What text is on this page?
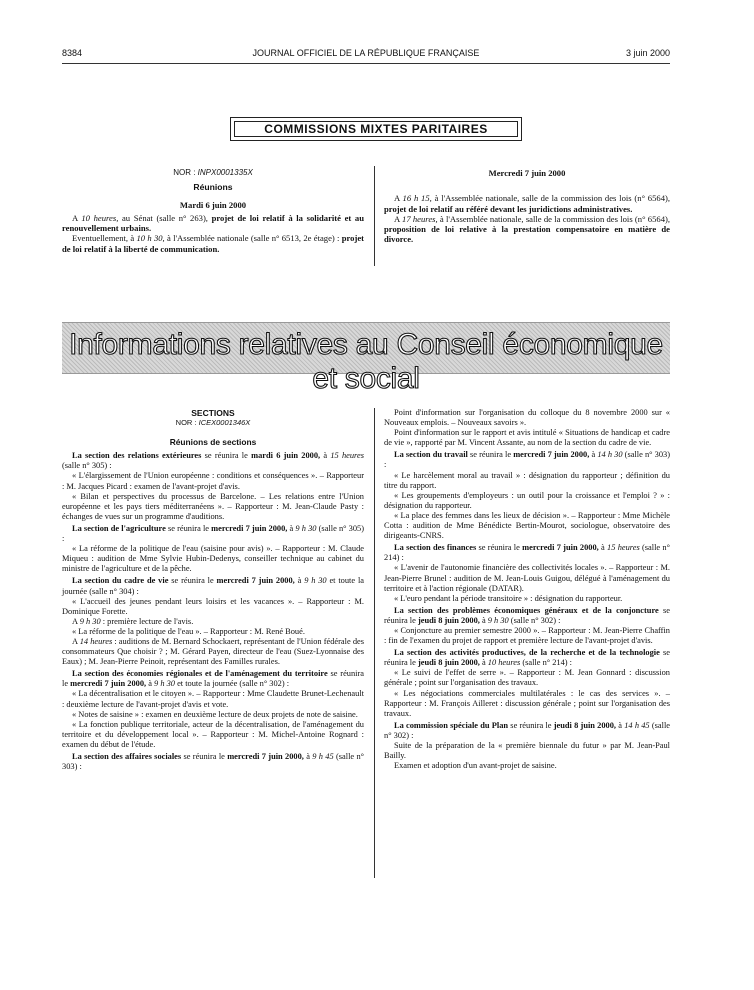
8384	JOURNAL OFFICIEL DE LA RÉPUBLIQUE FRANÇAISE	3 juin 2000
COMMISSIONS MIXTES PARITAIRES

NOR : INPX0001335X

Réunions

Mardi 6 juin 2000

A 10 heures, au Sénat (salle n° 263), projet de loi relatif à la solidarité et au renouvellement urbains.

Eventuellement, à 10 h 30, à l'Assemblée nationale (salle n° 6513, 2e étage) : projet de loi relatif à la liberté de communication.

Mercredi 7 juin 2000

A 16 h 15, à l'Assemblée nationale, salle de la commission des lois (n° 6564), projet de loi relatif au référé devant les juridictions administratives.

A 17 heures, à l'Assemblée nationale, salle de la commission des lois (n° 6564), proposition de loi relative à la prestation compensatoire en matière de divorce.

Informations relatives au Conseil économique et social

SECTIONS

NOR : ICEX0001346X

Réunions de sections

La section des relations extérieures se réunira le mardi 6 juin 2000, à 15 heures (salle n° 305) :

« L'élargissement de l'Union européenne : conditions et conséquences ». – Rapporteur : M. Jacques Picard : examen de l'avant-projet d'avis.

« Bilan et perspectives du processus de Barcelone. – Les relations entre l'Union européenne et les pays tiers méditerranéens ». – Rapporteur : M. Jean-Claude Pasty : échanges de vues sur un programme d'auditions.

La section de l'agriculture se réunira le mercredi 7 juin 2000, à 9 h 30 (salle n° 305) :

« La réforme de la politique de l'eau (saisine pour avis) ». – Rapporteur : M. Claude Miqueu : audition de Mme Sylvie Hubin-Dedenys, conseiller technique au cabinet du ministre de l'agriculture et de la pêche.

La section du cadre de vie se réunira le mercredi 7 juin 2000, à 9 h 30 et toute la journée (salle n° 304) :

« L'accueil des jeunes pendant leurs loisirs et les vacances ». – Rapporteur : M. Dominique Forette.

A 9 h 30 : première lecture de l'avis.

« La réforme de la politique de l'eau ». – Rapporteur : M. René Boué.

A 14 heures : auditions de M. Bernard Schockaert, représentant de l'Union fédérale des consommateurs Que choisir ? ; M. Gérard Payen, directeur de l'eau (Suez-Lyonnaise des Eaux) ; M. Jean-Pierre Peinoit, représentant des Familles rurales.

La section des économies régionales et de l'aménagement du territoire se réunira le mercredi 7 juin 2000, à 9 h 30 et toute la journée (salle n° 302) :

« La décentralisation et le citoyen ». – Rapporteur : Mme Claudette Brunet-Lechenault : deuxième lecture de l'avant-projet d'avis et vote.

« Notes de saisine » : examen en deuxième lecture de deux projets de note de saisine.

« La fonction publique territoriale, acteur de la décentralisation, de l'aménagement du territoire et du développement local ». – Rapporteur : M. Michel-Antoine Rognard : examen du début de l'étude.

La section des affaires sociales se réunira le mercredi 7 juin 2000, à 9 h 45 (salle n° 303) :

Point d'information sur l'organisation du colloque du 8 novembre 2000 sur « Nouveaux emplois. – Nouveaux savoirs ».

Point d'information sur le rapport et avis intitulé « Situations de handicap et cadre de vie », rapporté par M. Vincent Assante, au nom de la section du cadre de vie.

La section du travail se réunira le mercredi 7 juin 2000, à 14 h 30 (salle n° 303) :

« Le harcèlement moral au travail » : désignation du rapporteur ; définition du titre du rapport.

« Les groupements d'employeurs : un outil pour la croissance et l'emploi ? » : désignation du rapporteur.

« La place des femmes dans les lieux de décision ». – Rapporteur : Mme Michèle Cotta : audition de Mme Bénédicte Bertin-Mourot, sociologue, observatoire des dirigeants-CNRS.

La section des finances se réunira le mercredi 7 juin 2000, à 15 heures (salle n° 214) :

« L'avenir de l'autonomie financière des collectivités locales ». – Rapporteur : M. Jean-Pierre Brunel : audition de M. Jean-Louis Guigou, délégué à l'aménagement du territoire et à l'action régionale (DATAR).

« L'euro pendant la période transitoire » : désignation du rapporteur.

La section des problèmes économiques généraux et de la conjoncture se réunira le jeudi 8 juin 2000, à 9 h 30 (salle n° 302) :

« Conjoncture au premier semestre 2000 ». – Rapporteur : M. Jean-Pierre Chaffin : fin de l'examen du projet de rapport et première lecture de l'avant-projet d'avis.

La section des activités productives, de la recherche et de la technologie se réunira le jeudi 8 juin 2000, à 10 heures (salle n° 214) :

« Le suivi de l'effet de serre ». – Rapporteur : M. Jean Gonnard : discussion générale ; point sur l'organisation des travaux.

« Les négociations commerciales multilatérales : le cas des services ». – Rapporteur : M. François Ailleret : discussion générale ; point sur l'organisation des travaux.

La commission spéciale du Plan se réunira le jeudi 8 juin 2000, à 14 h 45 (salle n° 302) :

Suite de la préparation de la « première biennale du futur » par M. Jean-Paul Bailly.

Examen et adoption d'un avant-projet de saisine.
